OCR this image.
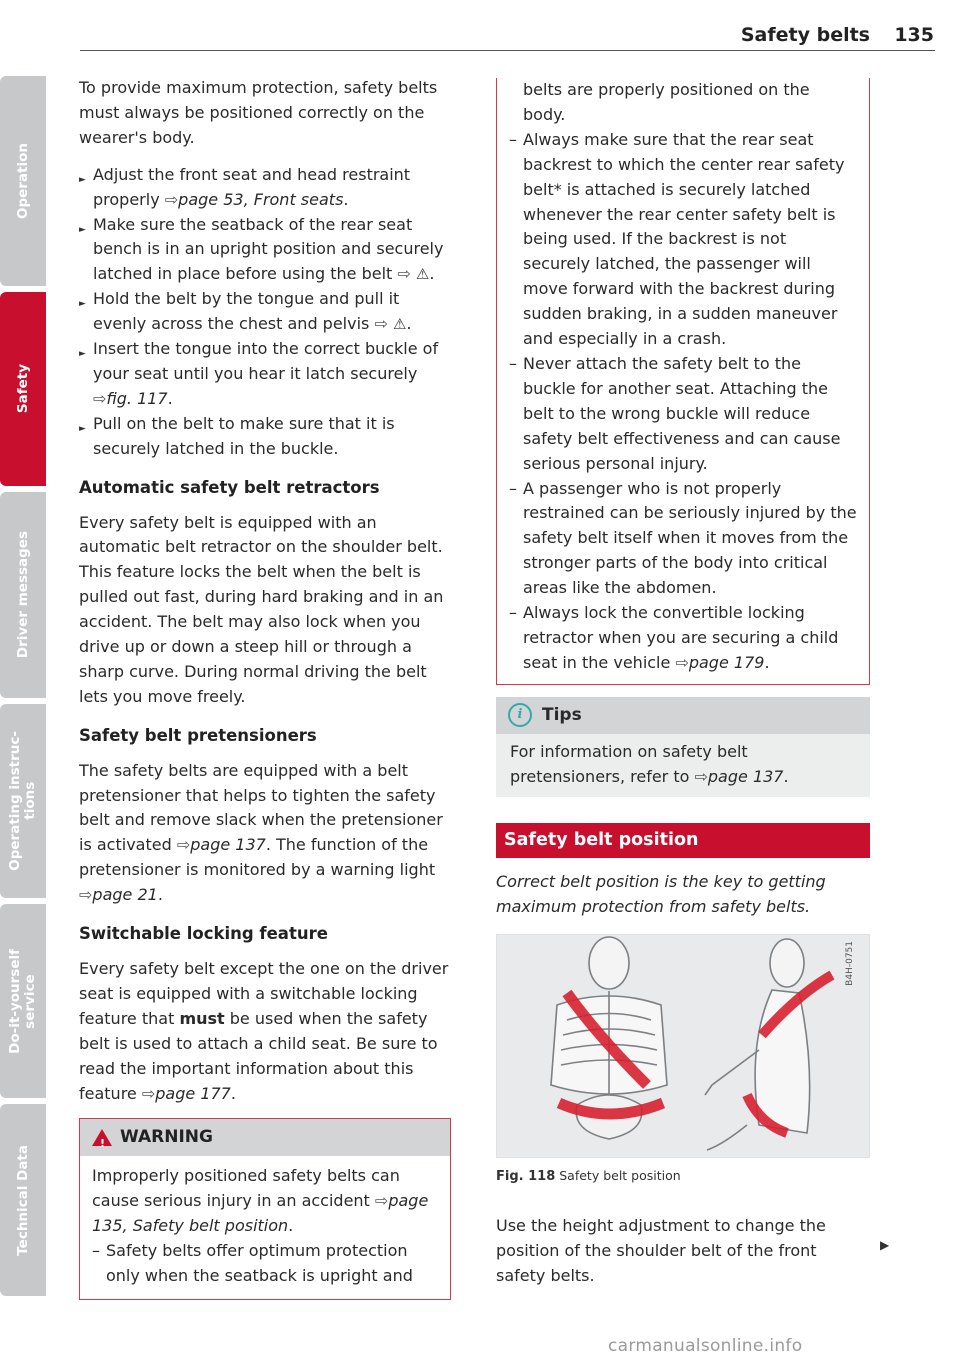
Safety belts 135

To provide maximum protection, safety belts must always be positioned correctly on the wearer's body.

► Adjust the front seat and head restraint properly ⇨page 53, Front seats.
► Make sure the seatback of the rear seat bench is in an upright position and securely latched in place before using the belt ⇨ ⚠.
► Hold the belt by the tongue and pull it evenly across the chest and pelvis ⇨ ⚠.
► Insert the tongue into the correct buckle of your seat until you hear it latch securely ⇨fig. 117.
► Pull on the belt to make sure that it is securely latched in the buckle.
Automatic safety belt retractors

Every safety belt is equipped with an automatic belt retractor on the shoulder belt. This feature locks the belt when the belt is pulled out fast, during hard braking and in an accident. The belt may also lock when you drive up or down a steep hill or through a sharp curve. During normal driving the belt lets you move freely.

Safety belt pretensioners

The safety belts are equipped with a belt pretensioner that helps to tighten the safety belt and remove slack when the pretensioner is activated ⇨page 137. The function of the pretensioner is monitored by a warning light ⇨page 21.

Switchable locking feature

Every safety belt except the one on the driver seat is equipped with a switchable locking feature that must be used when the safety belt is used to attach a child seat. Be sure to read the important information about this feature ⇨page 177.

! WARNING
Improperly positioned safety belts can cause serious injury in an accident ⇨page 135, Safety belt position.
– Safety belts offer optimum protection only when the seatback is upright and
belts are properly positioned on the body.
– Always make sure that the rear seat backrest to which the center rear safety belt* is attached is securely latched whenever the rear center safety belt is being used. If the backrest is not securely latched, the passenger will move forward with the backrest during sudden braking, in a sudden maneuver and especially in a crash.
– Never attach the safety belt to the buckle for another seat. Attaching the belt to the wrong buckle will reduce safety belt effectiveness and can cause serious personal injury.
– A passenger who is not properly restrained can be seriously injured by the safety belt itself when it moves from the stronger parts of the body into critical areas like the abdomen.
– Always lock the convertible locking retractor when you are securing a child seat in the vehicle ⇨page 179.
i	Tips
For information on safety belt pretensioners, refer to ⇨page 137.
Safety belt position
Correct belt position is the key to getting maximum protection from safety belts.
B4H-0751
Fig. 118 Safety belt position

Use the height adjustment to change the position of the shoulder belt of the front safety belts.

▶
Operation
Safety
Driver messages
Operating instruc-
tions
Do-it-yourself
service
Technical Data
carmanualsonline.info
